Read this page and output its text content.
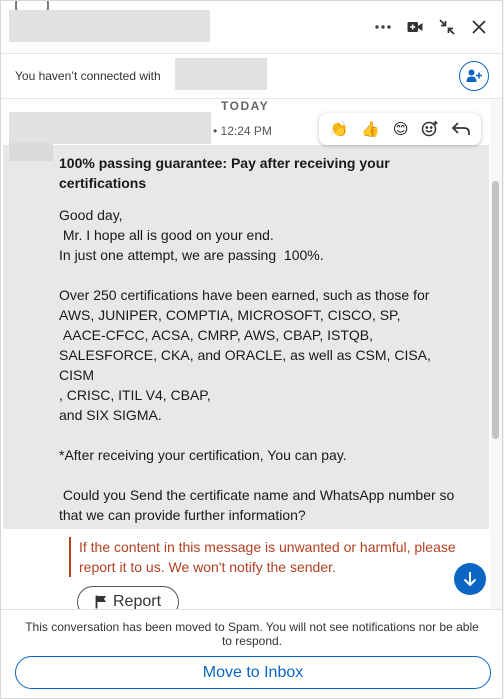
You haven’t connected with
TODAY
• 12:24 PM	👏 👍 😊
100% passing guarantee: Pay after receiving your certifications
Good day,
Mr. I hope all is good on your end.
In just one attempt, we are passing  100%.

Over 250 certifications have been earned, such as those for AWS, JUNIPER, COMPTIA, MICROSOFT, CISCO, SP,
AACE-CFCC, ACSA, CMRP, AWS, CBAP, ISTQB, SALESFORCE, CKA, and ORACLE, as well as CSM, CISA, CISM
, CRISC, ITIL V4, CBAP,
and SIX SIGMA.

*After receiving your certification, You can pay.

Could you Send the certificate name and WhatsApp number so that we can provide further information?
If the content in this message is unwanted or harmful, please report it to us. We won't notify the sender.
Report
This conversation has been moved to Spam. You will not see notifications nor be able to respond.
Move to Inbox
